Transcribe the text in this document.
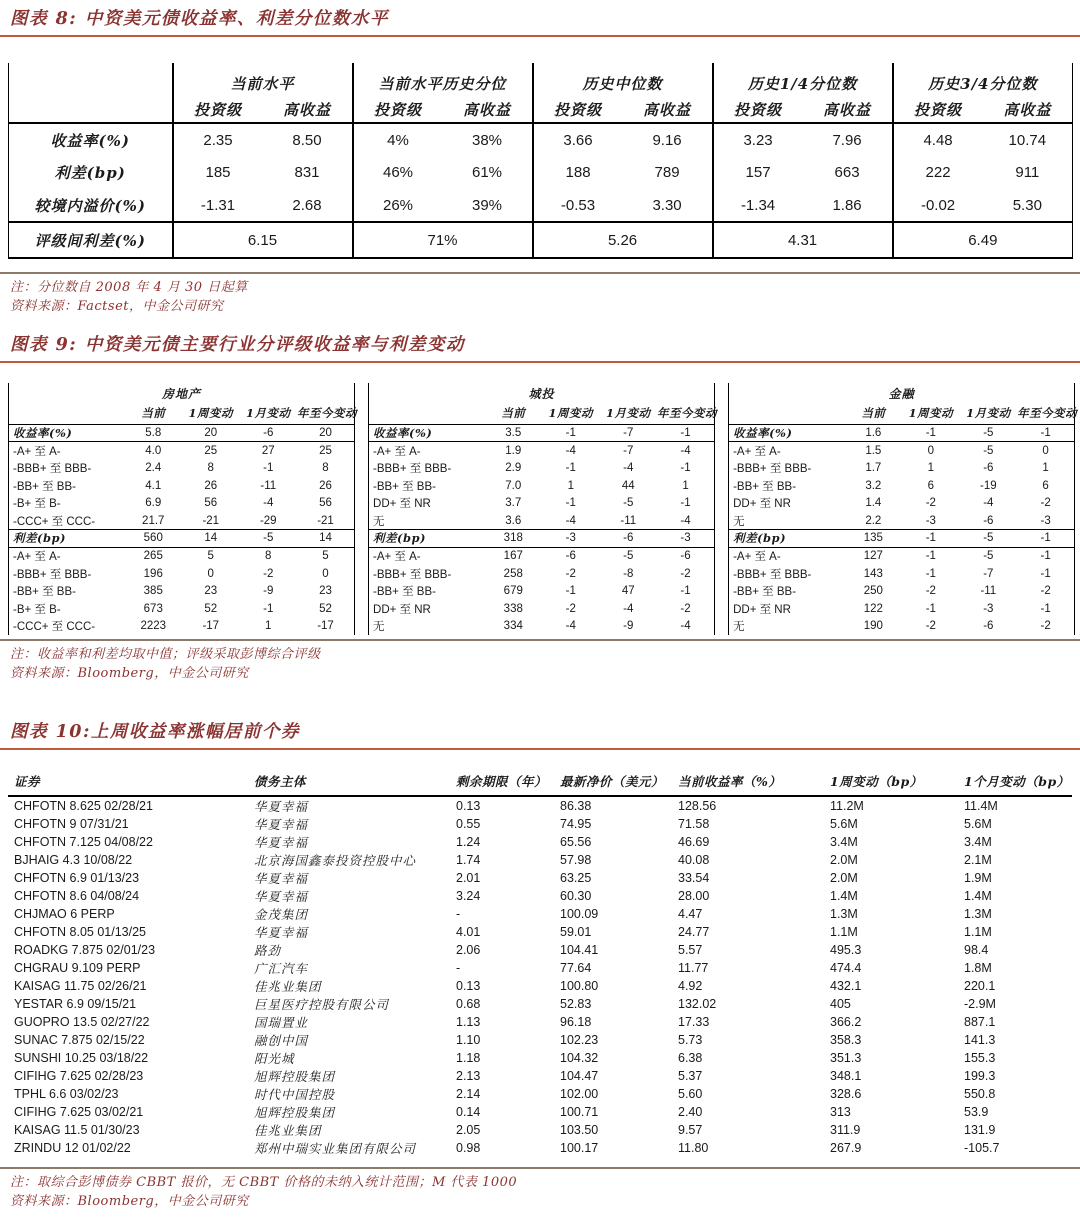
图表 8: 中资美元债收益率、利差分位数水平
	当前水平		当前水平历史分位		历史中位数		历史1/4分位数		历史3/4分位数	
	投资级	高收益	投资级	高收益	投资级	高收益	投资级	高收益	投资级	高收益
收益率(%)	2.35	8.50	4%	38%	3.66	9.16	3.23	7.96	4.48	10.74
利差(bp)	185	831	46%	61%	188	789	157	663	222	911
较境内溢价(%)	-1.31	2.68	26%	39%	-0.53	3.30	-1.34	1.86	-0.02	5.30
评级间利差(%)	6.15		71%		5.26		4.31		6.49	

注：分位数自 2008 年 4 月 30 日起算

资料来源：Factset，中金公司研究

图表 9: 中资美元债主要行业分评级收益率与利差变动
房地产				
	当前	1周变动	1月变动	年至今变动
收益率(%)	5.8	20	-6	20
-A+ 至 A-	4.0	25	27	25
-BBB+ 至 BBB-	2.4	8	-1	8
-BB+ 至 BB-	4.1	26	-11	26
-B+ 至 B-	6.9	56	-4	56
-CCC+ 至 CCC-	21.7	-21	-29	-21
利差(bp)	560	14	-5	14
-A+ 至 A-	265	5	8	5
-BBB+ 至 BBB-	196	0	-2	0
-BB+ 至 BB-	385	23	-9	23
-B+ 至 B-	673	52	-1	52
-CCC+ 至 CCC-	2223	-17	1	-17
城投				
	当前	1周变动	1月变动	年至今变动
收益率(%)	3.5	-1	-7	-1
-A+ 至 A-	1.9	-4	-7	-4
-BBB+ 至 BBB-	2.9	-1	-4	-1
-BB+ 至 BB-	7.0	1	44	1
DD+ 至 NR	3.7	-1	-5	-1
无	3.6	-4	-11	-4
利差(bp)	318	-3	-6	-3
-A+ 至 A-	167	-6	-5	-6
-BBB+ 至 BBB-	258	-2	-8	-2
-BB+ 至 BB-	679	-1	47	-1
DD+ 至 NR	338	-2	-4	-2
无	334	-4	-9	-4
金融				
	当前	1周变动	1月变动	年至今变动
收益率(%)	1.6	-1	-5	-1
-A+ 至 A-	1.5	0	-5	0
-BBB+ 至 BBB-	1.7	1	-6	1
-BB+ 至 BB-	3.2	6	-19	6
DD+ 至 NR	1.4	-2	-4	-2
无	2.2	-3	-6	-3
利差(bp)	135	-1	-5	-1
-A+ 至 A-	127	-1	-5	-1
-BBB+ 至 BBB-	143	-1	-7	-1
-BB+ 至 BB-	250	-2	-11	-2
DD+ 至 NR	122	-1	-3	-1
无	190	-2	-6	-2

注：收益率和利差均取中值；评级采取彭博综合评级

资料来源：Bloomberg，中金公司研究

图表 10:上周收益率涨幅居前个券
证券	债务主体	剩余期限（年）	最新净价（美元）	当前收益率（%）	1周变动（bp）	1个月变动（bp）
CHFOTN 8.625 02/28/21	华夏幸福	0.13	86.38	128.56	11.2M	11.4M
CHFOTN 9 07/31/21	华夏幸福	0.55	74.95	71.58	5.6M	5.6M
CHFOTN 7.125 04/08/22	华夏幸福	1.24	65.56	46.69	3.4M	3.4M
BJHAIG 4.3 10/08/22	北京海国鑫泰投资控股中心	1.74	57.98	40.08	2.0M	2.1M
CHFOTN 6.9 01/13/23	华夏幸福	2.01	63.25	33.54	2.0M	1.9M
CHFOTN 8.6 04/08/24	华夏幸福	3.24	60.30	28.00	1.4M	1.4M
CHJMAO 6 PERP	金茂集团	-	100.09	4.47	1.3M	1.3M
CHFOTN 8.05 01/13/25	华夏幸福	4.01	59.01	24.77	1.1M	1.1M
ROADKG 7.875 02/01/23	路劲	2.06	104.41	5.57	495.3	98.4
CHGRAU 9.109 PERP	广汇汽车	-	77.64	11.77	474.4	1.8M
KAISAG 11.75 02/26/21	佳兆业集团	0.13	100.80	4.92	432.1	220.1
YESTAR 6.9 09/15/21	巨星医疗控股有限公司	0.68	52.83	132.02	405	-2.9M
GUOPRO 13.5 02/27/22	国瑞置业	1.13	96.18	17.33	366.2	887.1
SUNAC 7.875 02/15/22	融创中国	1.10	102.23	5.73	358.3	141.3
SUNSHI 10.25 03/18/22	阳光城	1.18	104.32	6.38	351.3	155.3
CIFIHG 7.625 02/28/23	旭辉控股集团	2.13	104.47	5.37	348.1	199.3
TPHL 6.6 03/02/23	时代中国控股	2.14	102.00	5.60	328.6	550.8
CIFIHG 7.625 03/02/21	旭辉控股集团	0.14	100.71	2.40	313	53.9
KAISAG 11.5 01/30/23	佳兆业集团	2.05	103.50	9.57	311.9	131.9
ZRINDU 12 01/02/22	郑州中瑞实业集团有限公司	0.98	100.17	11.80	267.9	-105.7

注：取综合彭博债券 CBBT 报价，无 CBBT 价格的未纳入统计范围；M 代表 1000

资料来源：Bloomberg，中金公司研究
